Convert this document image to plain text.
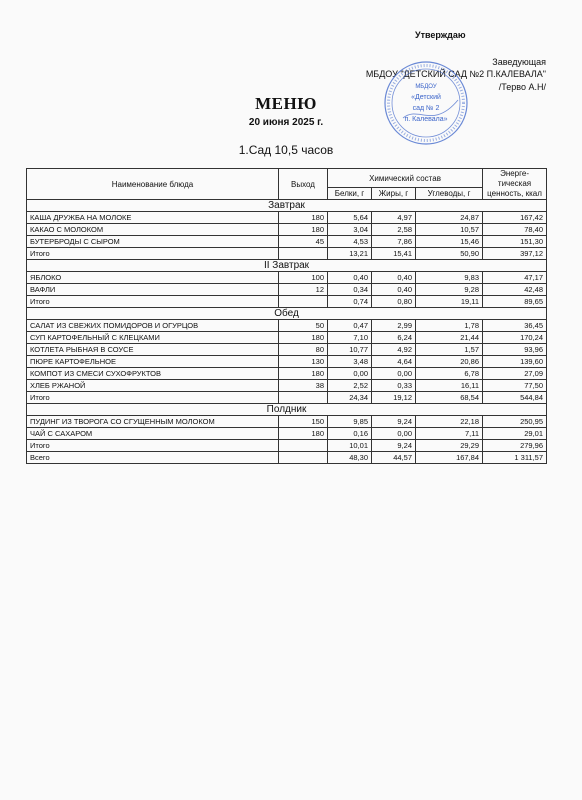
Утверждаю
Заведующая
МБДОУ "ДЕТСКИЙ САД №2 П.КАЛЕВАЛА"
/Тервo А.Н/
МБДОУ
«Детский
сад № 2
п. Калевала»
МЕНЮ
20 июня 2025 г.
1.Сад 10,5 часов
Наименование блюда	Выход	Химический состав			Энерге-тическая ценность, ккал
		Белки, г	Жиры, г	Углеводы, г	
Завтрак					
КАША ДРУЖБА НА МОЛОКЕ	180	5,64	4,97	24,87	167,42
КАКАО С МОЛОКОМ	180	3,04	2,58	10,57	78,40
БУТЕРБРОДЫ С СЫРОМ	45	4,53	7,86	15,46	151,30
Итого		13,21	15,41	50,90	397,12
II Завтрак					
ЯБЛОКО	100	0,40	0,40	9,83	47,17
ВАФЛИ	12	0,34	0,40	9,28	42,48
Итого		0,74	0,80	19,11	89,65
Обед					
САЛАТ ИЗ СВЕЖИХ ПОМИДОРОВ И ОГУРЦОВ	50	0,47	2,99	1,78	36,45
СУП КАРТОФЕЛЬНЫЙ С КЛЕЦКАМИ	180	7,10	6,24	21,44	170,24
КОТЛЕТА РЫБНАЯ В СОУСЕ	80	10,77	4,92	1,57	93,96
ПЮРЕ КАРТОФЕЛЬНОЕ	130	3,48	4,64	20,86	139,60
КОМПОТ ИЗ СМЕСИ СУХОФРУКТОВ	180	0,00	0,00	6,78	27,09
ХЛЕБ РЖАНОЙ	38	2,52	0,33	16,11	77,50
Итого		24,34	19,12	68,54	544,84
Полдник					
ПУДИНГ ИЗ ТВОРОГА СО СГУЩЕННЫМ МОЛОКОМ	150	9,85	9,24	22,18	250,95
ЧАЙ С САХАРОМ	180	0,16	0,00	7,11	29,01
Итого		10,01	9,24	29,29	279,96
Всего		48,30	44,57	167,84	1 311,57
